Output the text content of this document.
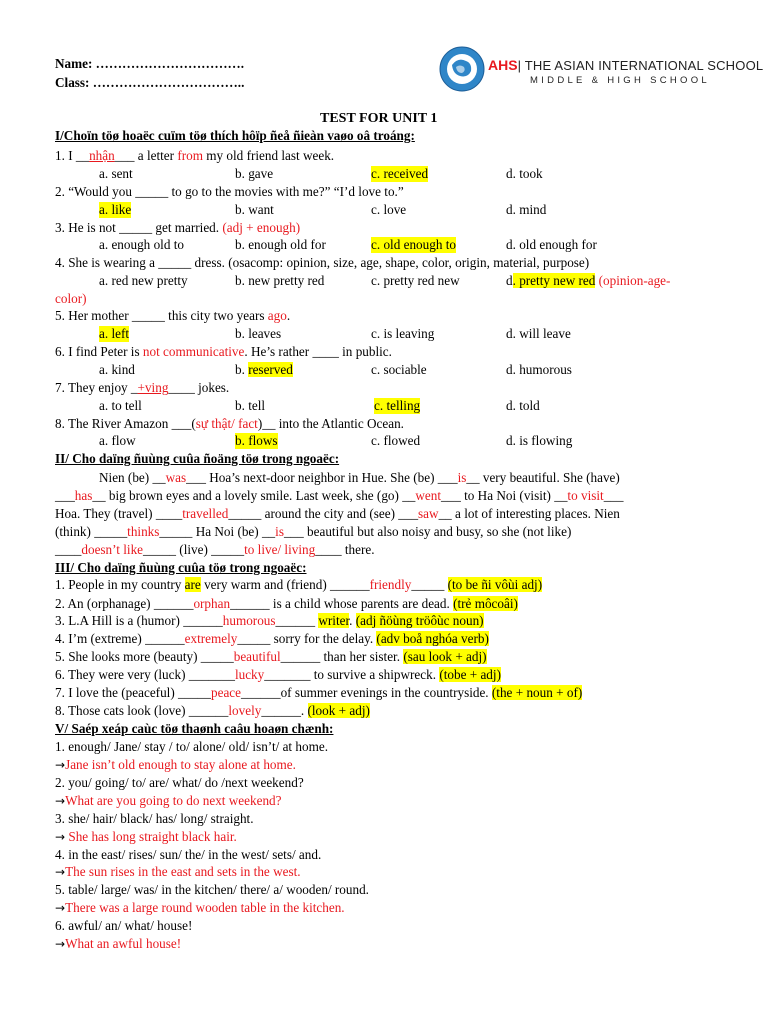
Name: …………………………….
Class: ……………………………..
AHS| THE ASIAN INTERNATIONAL SCHOOL
MIDDLE & HIGH SCHOOL
TEST FOR UNIT 1
I/Choïn töø hoaëc cuïm töø thích hôïp ñeå ñieàn vaøo oâ troáng:
1. I __nhận___ a letter from my old friend last week.
a. sent	b. gave	c. received	d. took
2. “Would you _____ to go to the movies with me?” “I’d love to.”
a. like	b. want	c. love	d. mind
3. He is not _____ get married. (adj + enough)
a. enough old to	b. enough old for	c. old enough to	d. old enough for
4. She is wearing a _____ dress. (osacomp: opinion, size, age, shape, color, origin, material, purpose)
a. red new pretty	b. new pretty red	c. pretty red new	d. pretty new red (opinion-age-
color)
5. Her mother _____ this city two years ago.
a. left	b. leaves	c. is leaving	d. will leave
6. I find Peter is not communicative. He’s rather ____ in public.
a. kind	b. reserved	c. sociable	d. humorous
7. They enjoy _+ving____ jokes.
a. to tell	b. tell	c. telling	d. told
8. The River Amazon ___(sự thật/ fact)__ into the Atlantic Ocean.
a. flow	b. flows	c. flowed	d. is flowing
II/ Cho daïng ñuùng cuûa ñoäng töø trong ngoaëc:
Nien (be) __was___ Hoa’s next-door neighbor in Hue. She (be) ___is__ very beautiful. She (have)
___has__ big brown eyes and a lovely smile. Last week, she (go) __went___ to Ha Noi (visit) __to visit___
Hoa. They (travel) ____travelled_____ around the city and (see) ___saw__ a lot of interesting places. Nien
(think) _____thinks_____ Ha Noi (be) __is___ beautiful but also noisy and busy, so she (not like)
____doesn’t like_____ (live) _____to live/ living____ there.
III/ Cho daïng ñuùng cuûa töø trong ngoaëc:
1. People in my country are very warm and (friend) ______friendly_____ (to be ñi vôùi adj)
2. An (orphanage) ______orphan______ is a child whose parents are dead. (trẻ môcoâi)
3. L.A Hill is a (humor) ______humorous______ writer. (adj ñöùng tröôùc noun)
4. I’m (extreme) ______extremely_____ sorry for the delay. (adv boå nghóa verb)
5. She looks more (beauty) _____beautiful______ than her sister. (sau look + adj)
6. They were very (luck) _______lucky_______ to survive a shipwreck. (tobe + adj)
7. I love the (peaceful) _____peace______of summer evenings in the countryside. (the + noun + of)
8. Those cats look (love) ______lovely______. (look + adj)
V/ Saép xeáp caùc töø thaønh caâu hoaøn chænh:
1. enough/ Jane/ stay / to/ alone/ old/ isn’t/ at home.
→Jane isn’t old enough to stay alone at home.
2. you/ going/ to/ are/ what/ do /next weekend?
→What are you going to do next weekend?
3. she/ hair/ black/ has/ long/ straight.
→ She has long straight black hair.
4. in the east/ rises/ sun/ the/ in the west/ sets/ and.
→The sun rises in the east and sets in the west.
5. table/ large/ was/ in the kitchen/ there/ a/ wooden/ round.
→There was a large round wooden table in the kitchen.
6. awful/ an/ what/ house!
→What an awful house!
